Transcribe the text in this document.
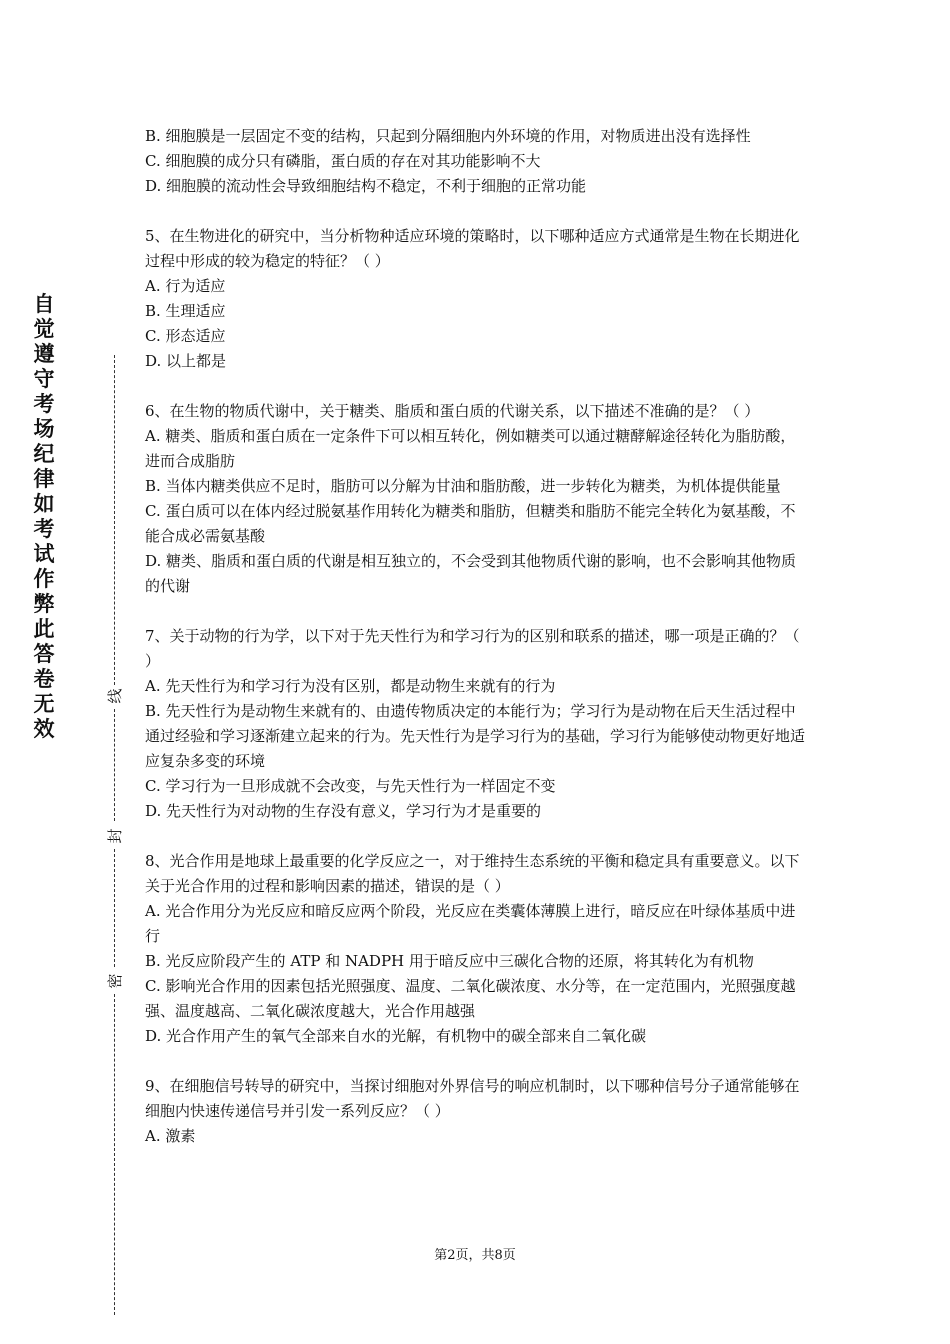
自
觉
遵
守
考
场
纪
律
如
考
试
作
弊
此
答
卷
无
效
线
封
密
B. 细胞膜是一层固定不变的结构，只起到分隔细胞内外环境的作用，对物质进出没有选择性
C. 细胞膜的成分只有磷脂，蛋白质的存在对其功能影响不大
D. 细胞膜的流动性会导致细胞结构不稳定，不利于细胞的正常功能
5、在生物进化的研究中，当分析物种适应环境的策略时，以下哪种适应方式通常是生物在长期进化过程中形成的较为稳定的特征？（ ）
A. 行为适应
B. 生理适应
C. 形态适应
D. 以上都是
6、在生物的物质代谢中，关于糖类、脂质和蛋白质的代谢关系，以下描述不准确的是？（ ）
A. 糖类、脂质和蛋白质在一定条件下可以相互转化，例如糖类可以通过糖酵解途径转化为脂肪酸，进而合成脂肪
B. 当体内糖类供应不足时，脂肪可以分解为甘油和脂肪酸，进一步转化为糖类，为机体提供能量
C. 蛋白质可以在体内经过脱氨基作用转化为糖类和脂肪，但糖类和脂肪不能完全转化为氨基酸，不能合成必需氨基酸
D. 糖类、脂质和蛋白质的代谢是相互独立的，不会受到其他物质代谢的影响，也不会影响其他物质的代谢
7、关于动物的行为学，以下对于先天性行为和学习行为的区别和联系的描述，哪一项是正确的？（ ）
A. 先天性行为和学习行为没有区别，都是动物生来就有的行为
B. 先天性行为是动物生来就有的、由遗传物质决定的本能行为；学习行为是动物在后天生活过程中通过经验和学习逐渐建立起来的行为。先天性行为是学习行为的基础，学习行为能够使动物更好地适应复杂多变的环境
C. 学习行为一旦形成就不会改变，与先天性行为一样固定不变
D. 先天性行为对动物的生存没有意义，学习行为才是重要的
8、光合作用是地球上最重要的化学反应之一，对于维持生态系统的平衡和稳定具有重要意义。以下关于光合作用的过程和影响因素的描述，错误的是（ ）
A. 光合作用分为光反应和暗反应两个阶段，光反应在类囊体薄膜上进行，暗反应在叶绿体基质中进行
B. 光反应阶段产生的 ATP 和 NADPH 用于暗反应中三碳化合物的还原，将其转化为有机物
C. 影响光合作用的因素包括光照强度、温度、二氧化碳浓度、水分等，在一定范围内，光照强度越强、温度越高、二氧化碳浓度越大，光合作用越强
D. 光合作用产生的氧气全部来自水的光解，有机物中的碳全部来自二氧化碳
9、在细胞信号转导的研究中，当探讨细胞对外界信号的响应机制时，以下哪种信号分子通常能够在细胞内快速传递信号并引发一系列反应？（ ）
A. 激素
第2页，共8页
